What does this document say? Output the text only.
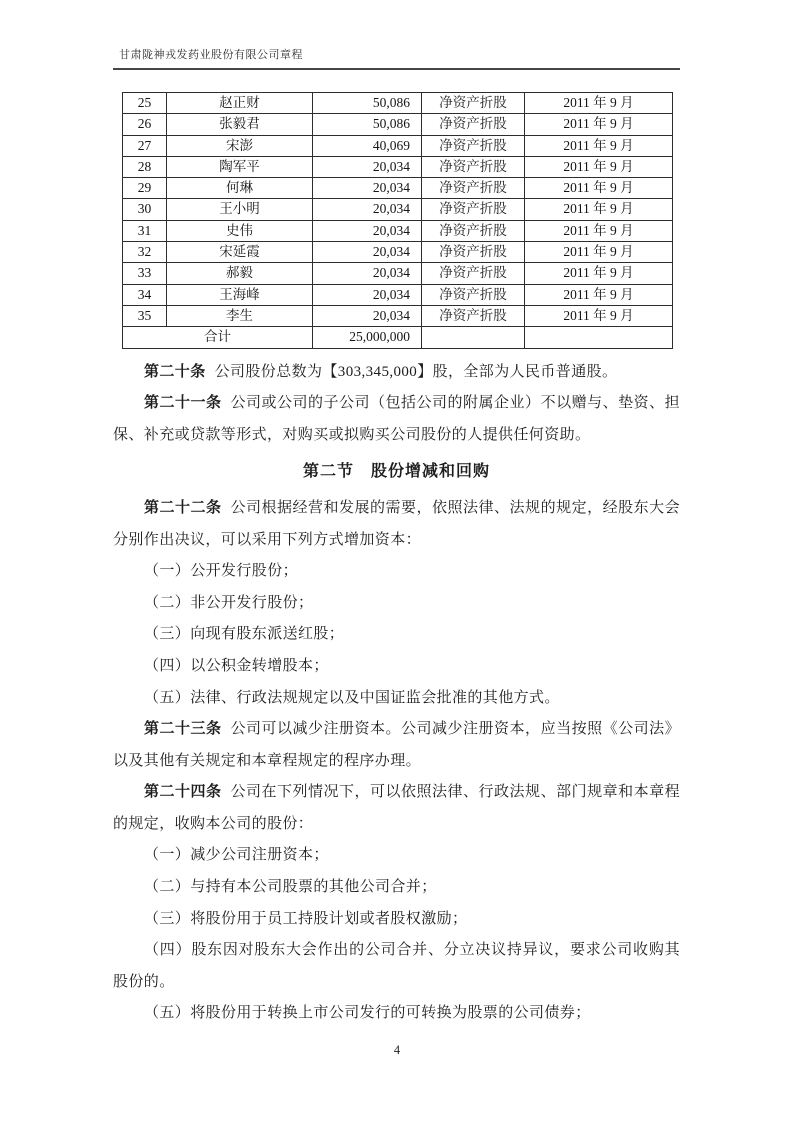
甘肃陇神戎发药业股份有限公司章程
25	赵正财	50,086	净资产折股	2011 年 9 月
26	张毅君	50,086	净资产折股	2011 年 9 月
27	宋澎	40,069	净资产折股	2011 年 9 月
28	陶军平	20,034	净资产折股	2011 年 9 月
29	何琳	20,034	净资产折股	2011 年 9 月
30	王小明	20,034	净资产折股	2011 年 9 月
31	史伟	20,034	净资产折股	2011 年 9 月
32	宋延霞	20,034	净资产折股	2011 年 9 月
33	郝毅	20,034	净资产折股	2011 年 9 月
34	王海峰	20,034	净资产折股	2011 年 9 月
35	李生	20,034	净资产折股	2011 年 9 月
合计		25,000,000		

第二十条 公司股份总数为【303,345,000】股，全部为人民币普通股。

第二十一条 公司或公司的子公司（包括公司的附属企业）不以赠与、垫资、担保、补充或贷款等形式，对购买或拟购买公司股份的人提供任何资助。

第二节　股份增减和回购

第二十二条 公司根据经营和发展的需要，依照法律、法规的规定，经股东大会分别作出决议，可以采用下列方式增加资本：

（一）公开发行股份；

（二）非公开发行股份；

（三）向现有股东派送红股；

（四）以公积金转增股本；

（五）法律、行政法规规定以及中国证监会批准的其他方式。

第二十三条 公司可以减少注册资本。公司减少注册资本，应当按照《公司法》以及其他有关规定和本章程规定的程序办理。

第二十四条 公司在下列情况下，可以依照法律、行政法规、部门规章和本章程的规定，收购本公司的股份：

（一）减少公司注册资本；

（二）与持有本公司股票的其他公司合并；

（三）将股份用于员工持股计划或者股权激励；

（四）股东因对股东大会作出的公司合并、分立决议持异议，要求公司收购其股份的。

（五）将股份用于转换上市公司发行的可转换为股票的公司债券；

4
